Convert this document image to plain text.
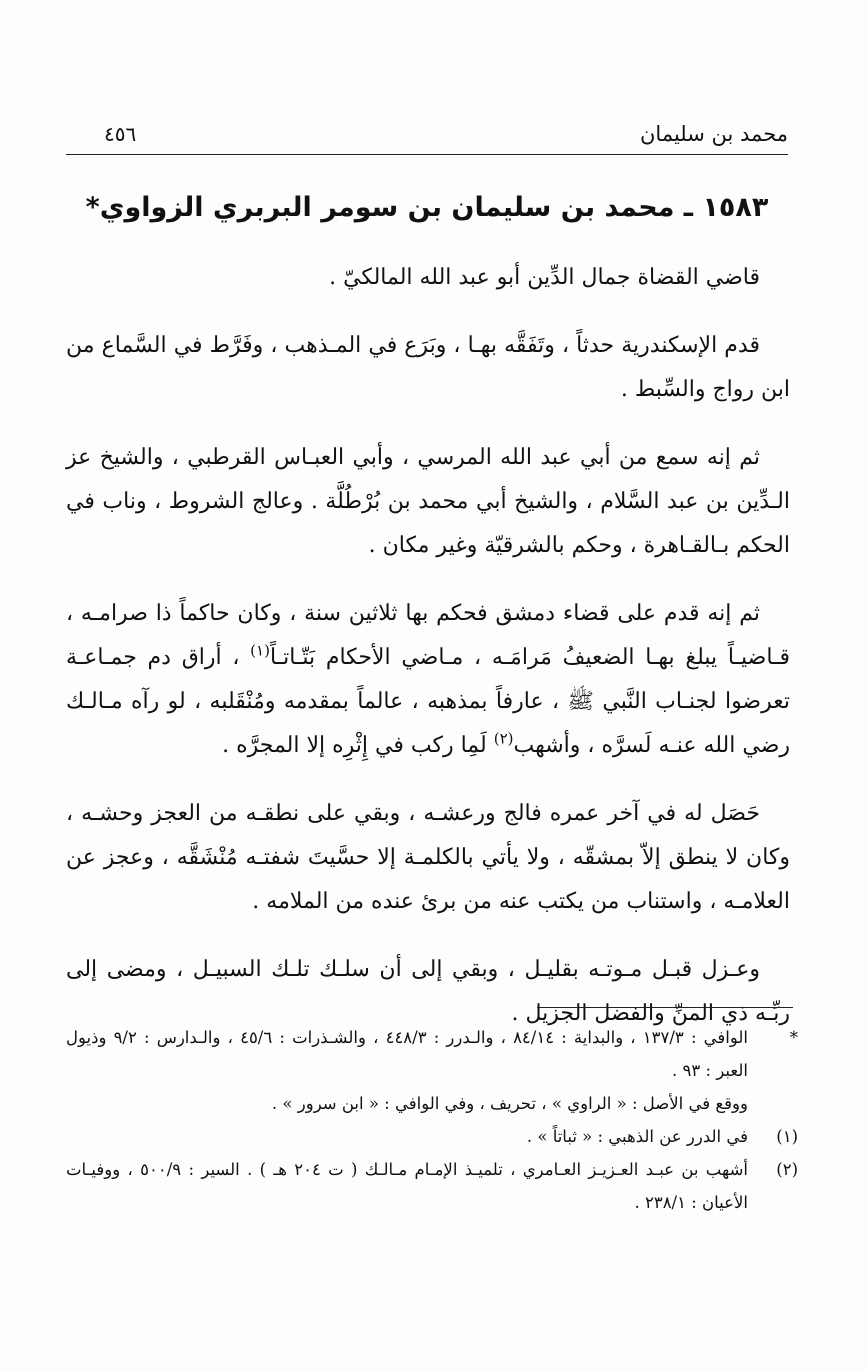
محمد بن سليمان
٤٥٦
١٥٨٣ ـ محمد بن سليمان بن سومر البربري الزواوي*

قاضي القضاة جمال الدِّين أبو عبد الله المالكيّ .

قدم الإسكندرية حدثاً ، وتَفَقَّه بهـا ، وبَرَع في المـذهب ، وفَرَّط في السَّماع من ابن رواج والسِّبط .

ثم إنه سمع من أبي عبد الله المرسي ، وأبي العبـاس القرطبي ، والشيخ عز الـدِّين بن عبد السَّلام ، والشيخ أبي محمد بن بُرْطُلَّة . وعالج الشروط ، وناب في الحكم بـالقـاهرة ، وحكم بالشرقيّة وغير مكان .

ثم إنه قدم على قضاء دمشق فحكم بها ثلاثين سنة ، وكان حاكماً ذا صرامـه ، قـاضيـاً يبلغ بهـا الضعيفُ مَرامَـه ، مـاضي الأحكام بَتّـاتـاً$^{(١)}$ ، أراق دم جمـاعـة تعرضوا لجنـاب النَّبي ﷺ ، عارفاً بمذهبه ، عالماً بمقدمه ومُنْقَلبه ، لو رآه مـالـك رضي الله عنـه لَسرَّه ، وأشهب$^{(٢)}$ لَمِا ركب في إِثْرِه إلا المجرَّه .

حَصَل له في آخر عمره فالج ورعشـه ، وبقي على نطقـه من العجز وحشـه ، وكان لا ينطق إلاّ بمشقّه ، ولا يأتي بالكلمـة إلا حسَّيتَ شفتـه مُنْشَقَّه ، وعجز عن العلامـه ، واستناب من يكتب عنه من برئ عنده من الملامه .

وعـزل قبـل مـوتـه بقليـل ، وبقي إلى أن سلـك تلـك السبيـل ، ومضى إلى ربِّـه ذي المنِّ والفضل الجزيل .

*
الوافي : ١٣٧/٣ ، والبداية : ٨٤/١٤ ، والـدرر : ٤٤٨/٣ ، والشـذرات : ٤٥/٦ ، والـدارس : ٩/٢ وذيول العبر : ٩٣ .
ووقع في الأصل : « الراوي » ، تحريف ، وفي الوافي : « ابن سرور » .
(١)
في الدرر عن الذهبي : « ثباتاً » .
(٢)
أشهب بن عبـد العـزيـز العـامري ، تلميـذ الإمـام مـالـك ( ت ٢٠٤ هـ ) . السير : ٥٠٠/٩ ، ووفيـات الأعيان : ٢٣٨/١ .
